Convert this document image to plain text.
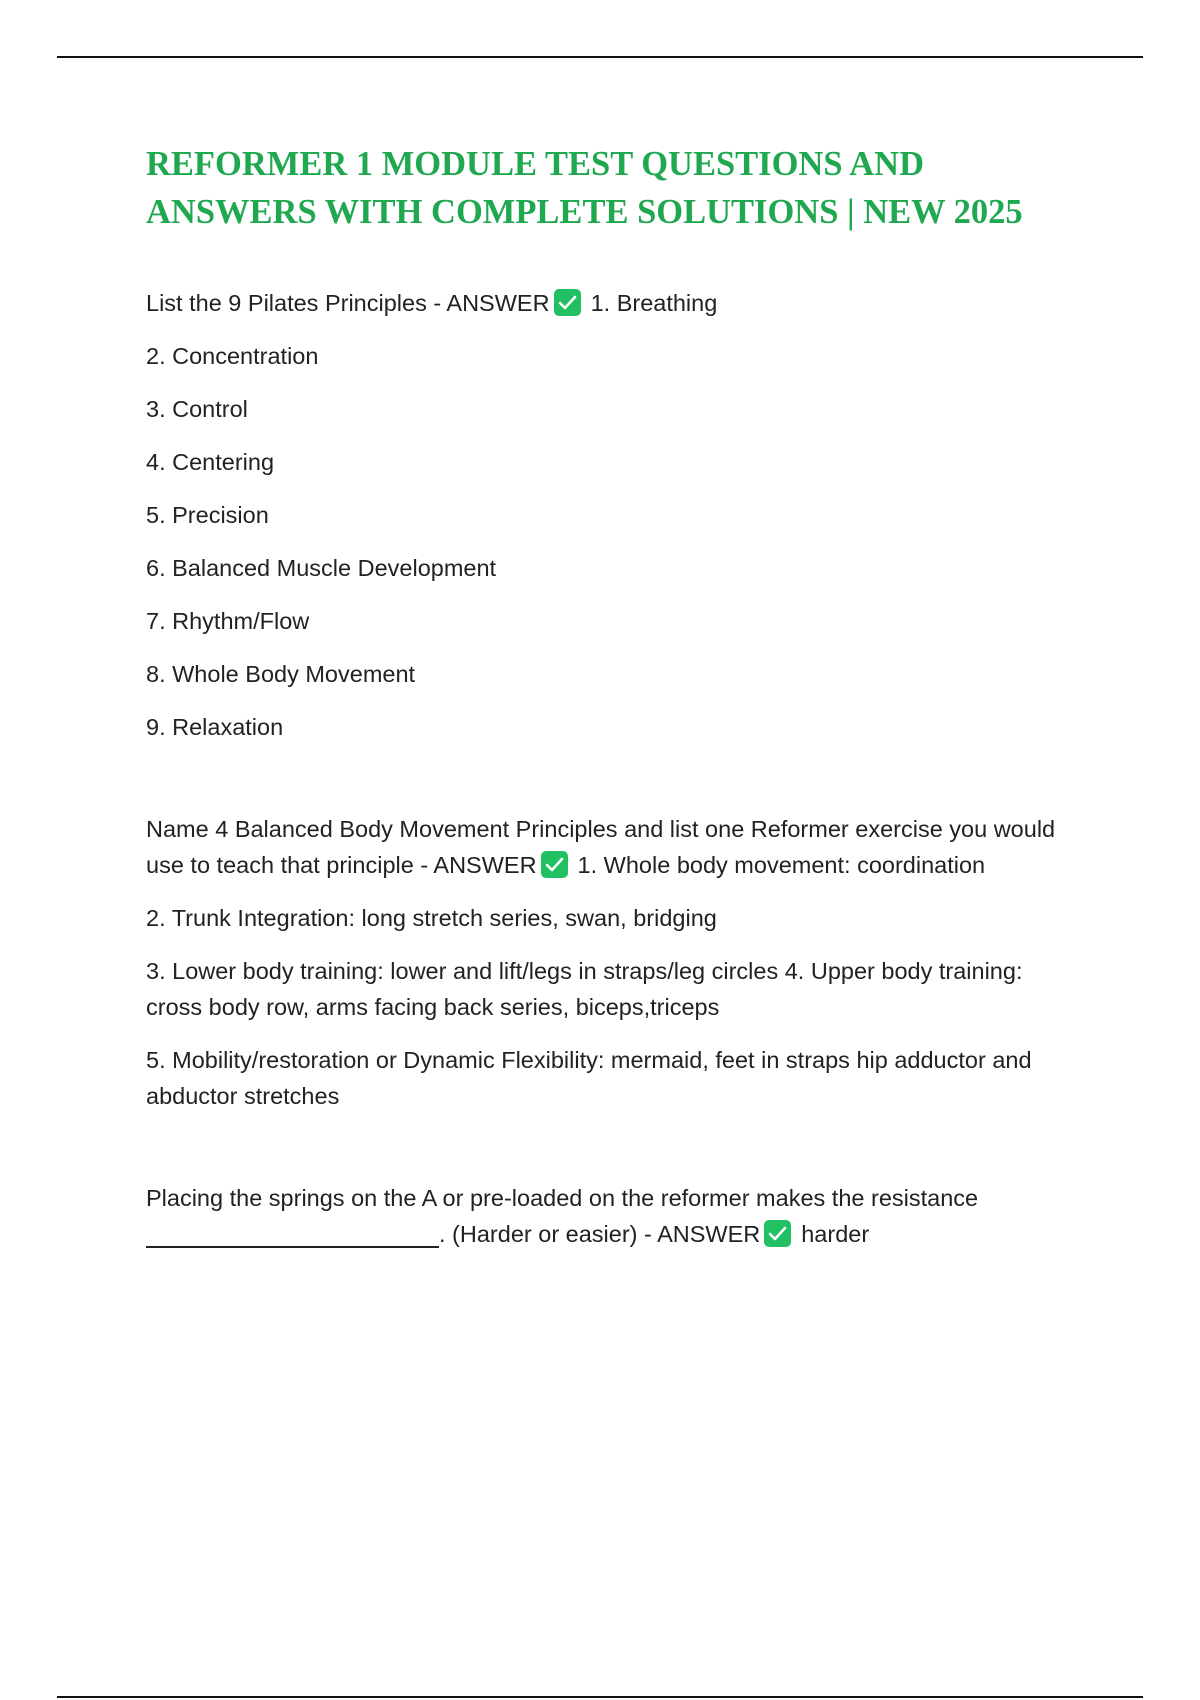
REFORMER 1 MODULE TEST QUESTIONS AND
ANSWERS WITH COMPLETE SOLUTIONS | NEW 2025

List the 9 Pilates Principles - ANSWER 1. Breathing

2. Concentration

3. Control

4. Centering

5. Precision

6. Balanced Muscle Development

7. Rhythm/Flow

8. Whole Body Movement

9. Relaxation

Name 4 Balanced Body Movement Principles and list one Reformer exercise you would use to teach that principle - ANSWER 1. Whole body movement: coordination

2. Trunk Integration: long stretch series, swan, bridging

3. Lower body training: lower and lift/legs in straps/leg circles 4. Upper body training: cross body row, arms facing back series, biceps,triceps

5. Mobility/restoration or Dynamic Flexibility: mermaid, feet in straps hip adductor and abductor stretches

Placing the springs on the A or pre-loaded on the reformer makes the resistance
. (Harder or easier) - ANSWER harder
